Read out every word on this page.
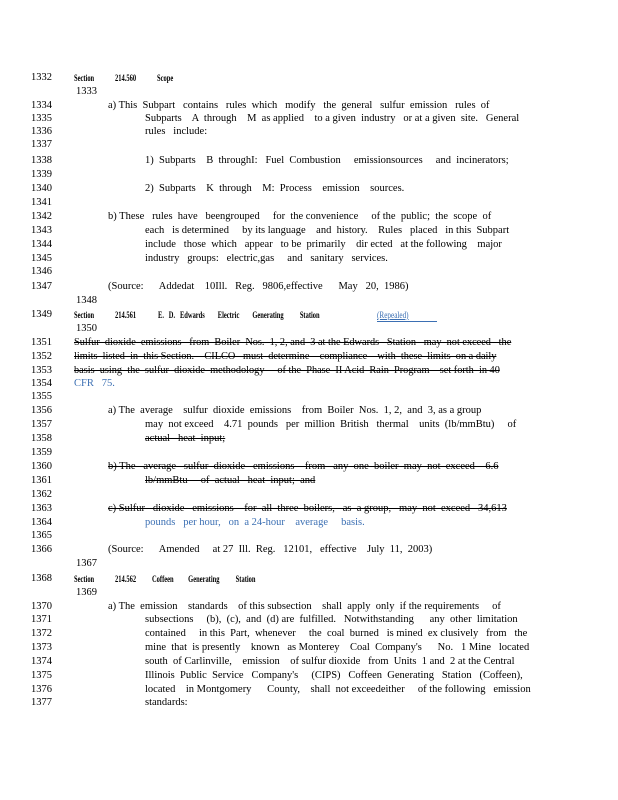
1332
1334
1335
1336
1337
1338
1339
1340
1341
1342
1343
1344
1345
1346
1347
1349
1351
1352
1353
1354
1355
1356
1357
1358
1359
1360
1361
1362
1363
1364
1365
1366
1368
1370
1371
1372
1373
1374
1375
1376
1377
1333
1348
1350
1367
1369
Section 214.560 Scope
a) This  Subpart   contains   rules  which   modify   the  general   sulfur  emission   rules  of
Subparts    A  through    M  as applied    to a given  industry   or at a given  site.   General
rules   include:
1)  Subparts    B  throughI:   Fuel  Combustion     emissionsources     and  incinerators;
2)  Subparts    K  through    M:  Process    emission    sources.
b) These   rules  have   beengrouped     for  the convenience     of the  public;  the  scope  of
each   is determined     by its language    and  history.    Rules   placed   in this  Subpart
include   those  which   appear   to be  primarily    dir ected   at the following    major
industry   groups:   electric,gas     and   sanitary   services.
(Source:      Addedat    10Ill.   Reg.   9806,effective      May   20,  1986)
Section 214.561 E.   D.   Edwards        Electric        Generating          Station	(Repealed)
Sulfur  dioxide  emissions   from  Boiler  Nos.  1, 2, and  3 at the Edwards   Station   may  not exceed   the
limits  listed  in  this Section.    CILCO   must  determine    compliance    with  these  limits  on a daily
basis  using  the  sulfur  dioxide  methodology     of the  Phase  II Acid  Rain  Program    set forth  in 40
CFR   75.
a) The  average    sulfur  dioxide  emissions    from  Boiler  Nos.  1, 2,  and  3, as a group
may  not exceed    4.71  pounds   per  million  British   thermal    units  (lb/mmBtu)     of
actual   heat  input;
b) The   average   sulfur  dioxide   emissions    from   any  one  boiler  may  not  exceed    6.6
lb/mmBtu     of  actual   heat  input;  and
c) Sulfur   dioxide   emissions    for  all  three  boilers,   as  a group,   may  not  exceed   34,613
pounds   per hour,   on  a 24-hour    average     basis.
(Source:      Amended     at 27  Ill.  Reg.   12101,   effective    July  11,  2003)
Section 214.562 Coffeen         Generating          Station
a) The  emission    standards    of this subsection    shall  apply  only  if the requirements     of
subsections     (b),  (c),  and  (d) are  fulfilled.   Notwithstanding      any  other  limitation
contained     in this  Part,  whenever     the  coal  burned   is mined  ex clusively   from   the
mine  that  is presently    known   as Monterey    Coal  Company's      No.   1 Mine   located
south  of Carlinville,    emission    of sulfur dioxide   from  Units  1 and  2 at the Central
Illinois  Public  Service   Company's     (CIPS)   Coffeen  Generating   Station   (Coffeen),
located    in Montgomery      County,    shall  not exceedeither     of the following   emission
standards:
